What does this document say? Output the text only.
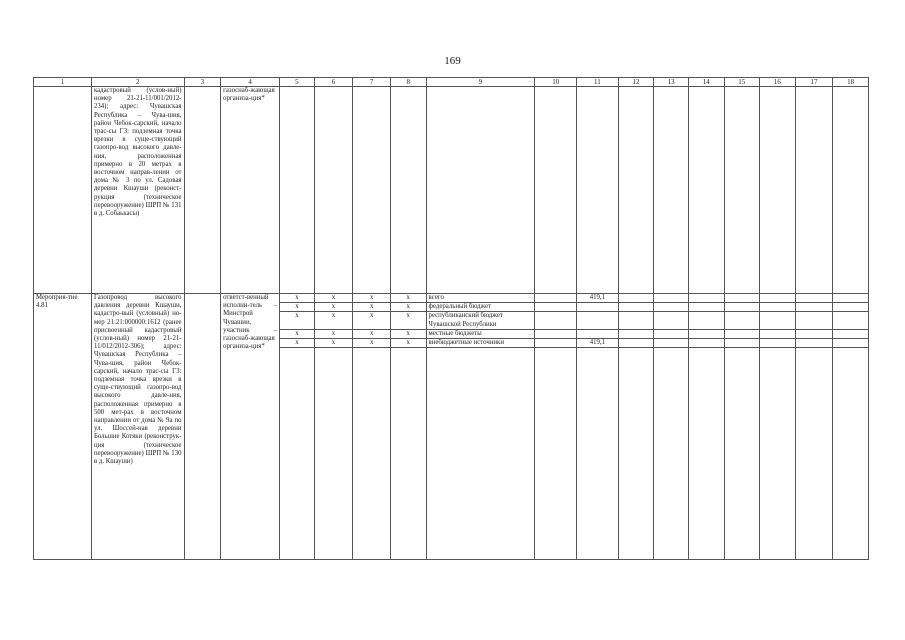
169
1	2	3	4	5	6	7	8	9	10	11	12	13	14	15	16	17	18
	кадастровый (услов-ный) номер 21-21-11/001/2012-234); адрес: Чувашская Республика – Чува-шия, район Чебок-сарский, начало трас-сы ГЗ: подземная точка врезки в суще-ствующий газопро-вод высокого давле-ния, расположенная примерно в 20 метрах в восточном направ-лении от дома № 3 по ул. Садовая деревни Кшауши (реконст-рукция (техническое перевооружение) ШРП № 131 в д. Собаькасы)		газоснаб-жающая организа-ция*														
Мероприя-тие 4.81	Газопровод высокого давления деревни Кшауши, кадастро-вый (условный) но-мер 21:21:000000:1612 (ранее присвоенный кадастровый (услов-ный) номер 21-21-11/012/2012-306); адрес: Чувашская Республика – Чува-шия, район Чебок-сарский, начало трас-сы ГЗ: подземная точка врезки в суще-ствующий газопро-вод высокого давле-ния, расположенная примерно в 500 мет-рах в восточном направлении от дома № 9а по ул. Шоссей-ная деревни Большие Котяки (реконструк-ция (техническое перевооружение) ШРП № 130 в д. Кшауши)		ответст-венный исполни-тель – Минстрой Чувашии, участник – газоснаб-жающая организа-ция*	x	x	x	x	всего		419,1							
				x	x	x	x	федеральный бюджет									
				x	x	x	x	республиканский бюджет Чувашской Республики									
				x	x	x	x	местные бюджеты									
				x	x	x	x	внебюджетные источники		419,1							
